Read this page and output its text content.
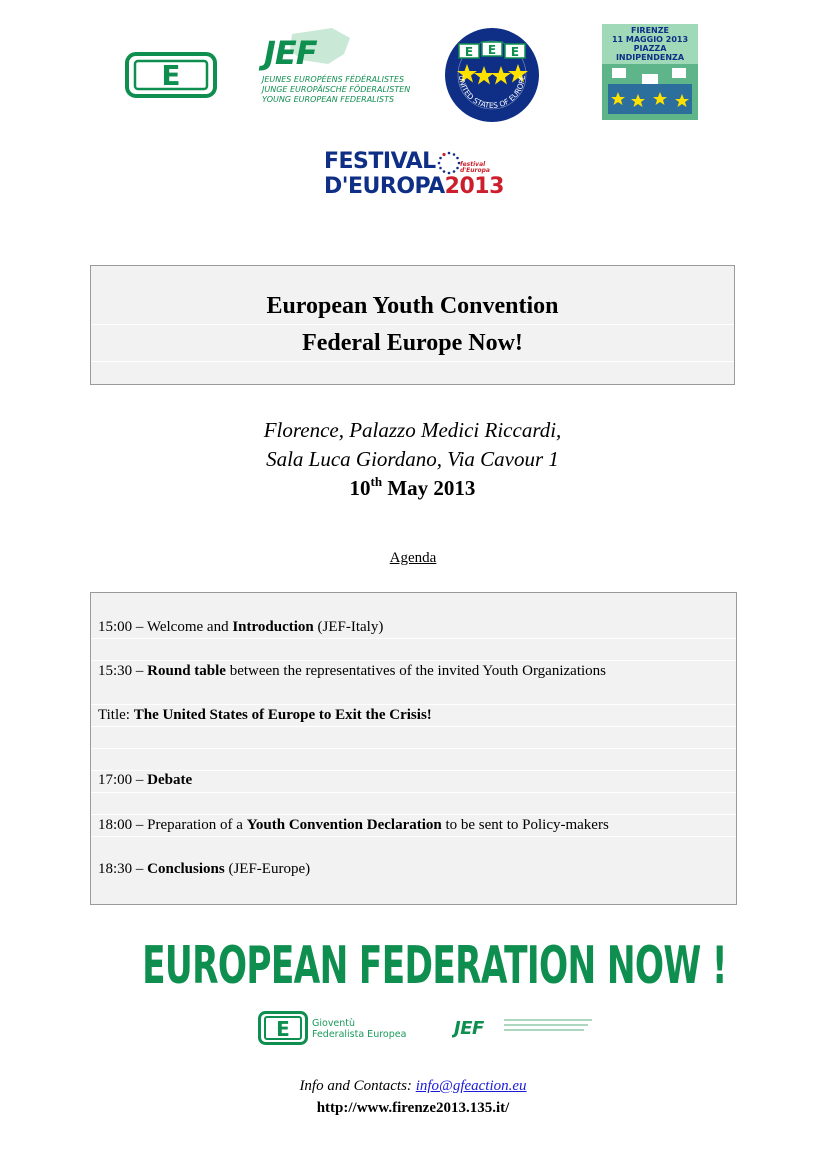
E
JEF
JEUNES EUROPÉENS FÉDÉRALISTES
JUNGE EUROPÄISCHE FÖDERALISTEN
YOUNG EUROPEAN FEDERALISTS
E E E
UNITED STATES OF EUROPE
FIRENZE
11 MAGGIO 2013
PIAZZA
INDIPENDENZA
FESTIVAL	festival
d'Europa
D'EUROPA2013
European Youth Convention
Federal Europe Now!
Florence, Palazzo Medici Riccardi,
Sala Luca Giordano, Via Cavour 1
10th May 2013
Agenda
15:00 – Welcome and Introduction (JEF-Italy)
15:30 – Round table between the representatives of the invited Youth Organizations
Title: The United States of Europe to Exit the Crisis!
17:00 – Debate
18:00 – Preparation of a Youth Convention Declaration to be sent to Policy-makers
18:30 – Conclusions (JEF-Europe)
EUROPEAN FEDERATION NOW !
E Gioventù
Federalista Europea	JEF
Info and Contacts: info@gfeaction.eu
http://www.firenze2013.135.it/
